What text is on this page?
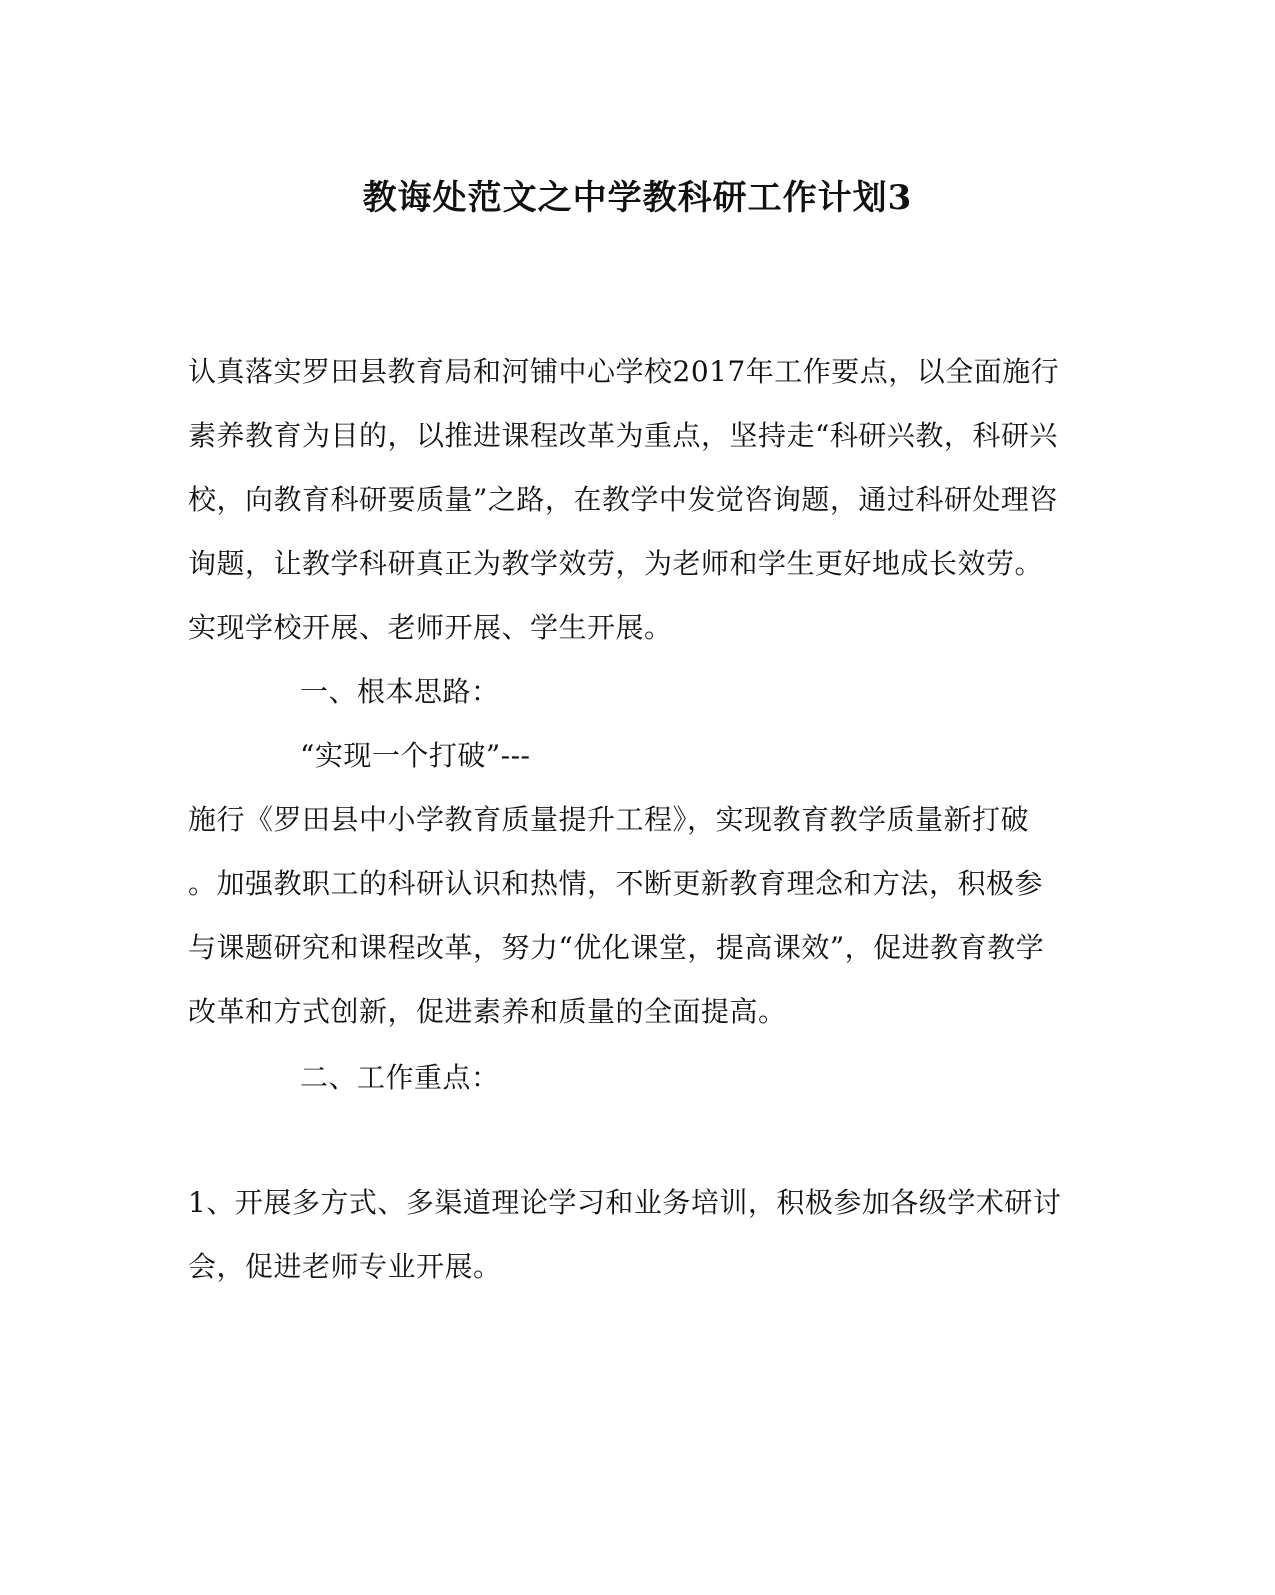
教诲处范文之中学教科研工作计划3
认真落实罗田县教育局和河铺中心学校2017年工作要点，以全面施行
素养教育为目的，以推进课程改革为重点，坚持走“科研兴教，科研兴
校，向教育科研要质量”之路，在教学中发觉咨询题，通过科研处理咨
询题，让教学科研真正为教学效劳，为老师和学生更好地成长效劳。
实现学校开展、老师开展、学生开展。
一、根本思路：
“实现一个打破”---
施行《罗田县中小学教育质量提升工程》，实现教育教学质量新打破
。加强教职工的科研认识和热情，不断更新教育理念和方法，积极参
与课题研究和课程改革，努力“优化课堂，提高课效”，促进教育教学
改革和方式创新，促进素养和质量的全面提高。
二、工作重点：
1、开展多方式、多渠道理论学习和业务培训，积极参加各级学术研讨
会，促进老师专业开展。
